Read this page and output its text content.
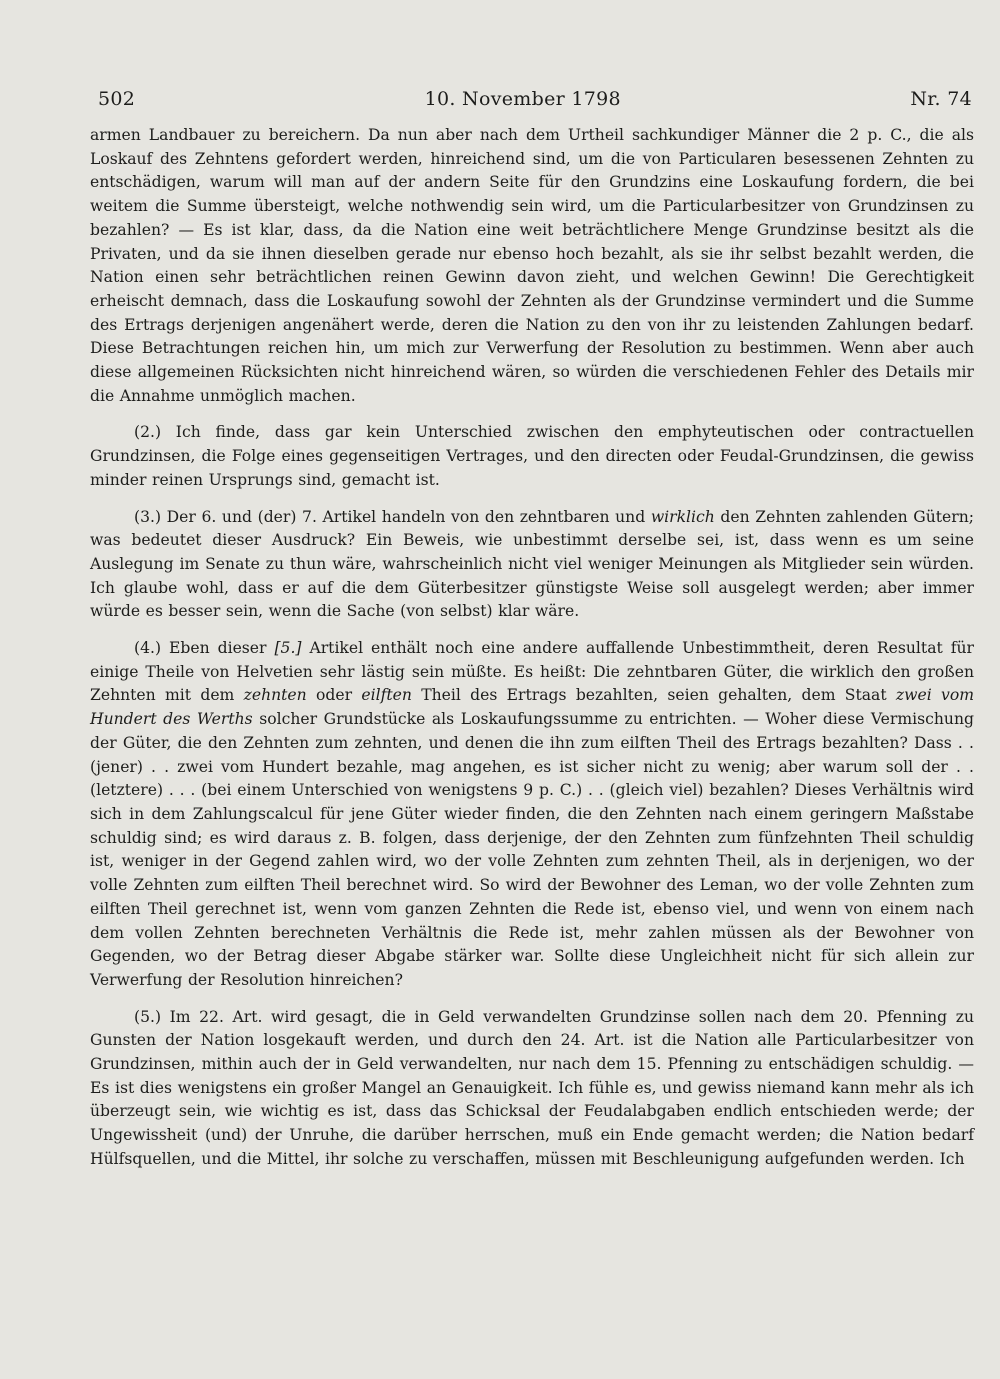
502	10. November 1798	Nr. 74

armen Landbauer zu bereichern. Da nun aber nach dem Urtheil sachkundiger Männer die 2 p. C., die als Loskauf des Zehntens gefordert werden, hinreichend sind, um die von Particularen besessenen Zehnten zu entschädigen, warum will man auf der andern Seite für den Grundzins eine Loskaufung fordern, die bei weitem die Summe übersteigt, welche nothwendig sein wird, um die Particularbesitzer von Grundzinsen zu bezahlen? — Es ist klar, dass, da die Nation eine weit beträchtlichere Menge Grundzinse besitzt als die Privaten, und da sie ihnen dieselben gerade nur ebenso hoch bezahlt, als sie ihr selbst bezahlt werden, die Nation einen sehr beträchtlichen reinen Gewinn davon zieht, und welchen Gewinn! Die Gerechtigkeit erheischt demnach, dass die Loskaufung sowohl der Zehnten als der Grundzinse vermindert und die Summe des Ertrags derjenigen angenähert werde, deren die Nation zu den von ihr zu leistenden Zahlungen bedarf. Diese Betrachtungen reichen hin, um mich zur Verwerfung der Resolution zu bestimmen. Wenn aber auch diese allgemeinen Rücksichten nicht hinreichend wären, so würden die verschiedenen Fehler des Details mir die Annahme unmöglich machen.

(2.) Ich finde, dass gar kein Unterschied zwischen den emphyteutischen oder contractuellen Grundzinsen, die Folge eines gegenseitigen Vertrages, und den directen oder Feudal-Grundzinsen, die gewiss minder reinen Ursprungs sind, gemacht ist.

(3.) Der 6. und (der) 7. Artikel handeln von den zehntbaren und wirklich den Zehnten zahlenden Gütern; was bedeutet dieser Ausdruck? Ein Beweis, wie unbestimmt derselbe sei, ist, dass wenn es um seine Auslegung im Senate zu thun wäre, wahrscheinlich nicht viel weniger Meinungen als Mitglieder sein würden. Ich glaube wohl, dass er auf die dem Güterbesitzer günstigste Weise soll ausgelegt werden; aber immer würde es besser sein, wenn die Sache (von selbst) klar wäre.

(4.) Eben dieser [5.] Artikel enthält noch eine andere auffallende Unbestimmtheit, deren Resultat für einige Theile von Helvetien sehr lästig sein müßte. Es heißt: Die zehntbaren Güter, die wirklich den großen Zehnten mit dem zehnten oder eilften Theil des Ertrags bezahlten, seien gehalten, dem Staat zwei vom Hundert des Werths solcher Grundstücke als Loskaufungssumme zu entrichten. — Woher diese Vermischung der Güter, die den Zehnten zum zehnten, und denen die ihn zum eilften Theil des Ertrags bezahlten? Dass . . (jener) . . zwei vom Hundert bezahle, mag angehen, es ist sicher nicht zu wenig; aber warum soll der . . (letztere) . . . (bei einem Unterschied von wenigstens 9 p. C.) . . (gleich viel) bezahlen? Dieses Verhältnis wird sich in dem Zahlungscalcul für jene Güter wieder finden, die den Zehnten nach einem geringern Maßstabe schuldig sind; es wird daraus z. B. folgen, dass derjenige, der den Zehnten zum fünfzehnten Theil schuldig ist, weniger in der Gegend zahlen wird, wo der volle Zehnten zum zehnten Theil, als in derjenigen, wo der volle Zehnten zum eilften Theil berechnet wird. So wird der Bewohner des Leman, wo der volle Zehnten zum eilften Theil gerechnet ist, wenn vom ganzen Zehnten die Rede ist, ebenso viel, und wenn von einem nach dem vollen Zehnten berechneten Verhältnis die Rede ist, mehr zahlen müssen als der Bewohner von Gegenden, wo der Betrag dieser Abgabe stärker war. Sollte diese Ungleichheit nicht für sich allein zur Verwerfung der Resolution hinreichen?

(5.) Im 22. Art. wird gesagt, die in Geld verwandelten Grundzinse sollen nach dem 20. Pfenning zu Gunsten der Nation losgekauft werden, und durch den 24. Art. ist die Nation alle Particularbesitzer von Grundzinsen, mithin auch der in Geld verwandelten, nur nach dem 15. Pfenning zu entschädigen schuldig. — Es ist dies wenigstens ein großer Mangel an Genauigkeit. Ich fühle es, und gewiss niemand kann mehr als ich überzeugt sein, wie wichtig es ist, dass das Schicksal der Feudalabgaben endlich entschieden werde; der Ungewissheit (und) der Unruhe, die darüber herrschen, muß ein Ende gemacht werden; die Nation bedarf Hülfsquellen, und die Mittel, ihr solche zu verschaffen, müssen mit Beschleunigung aufgefunden werden. Ich
